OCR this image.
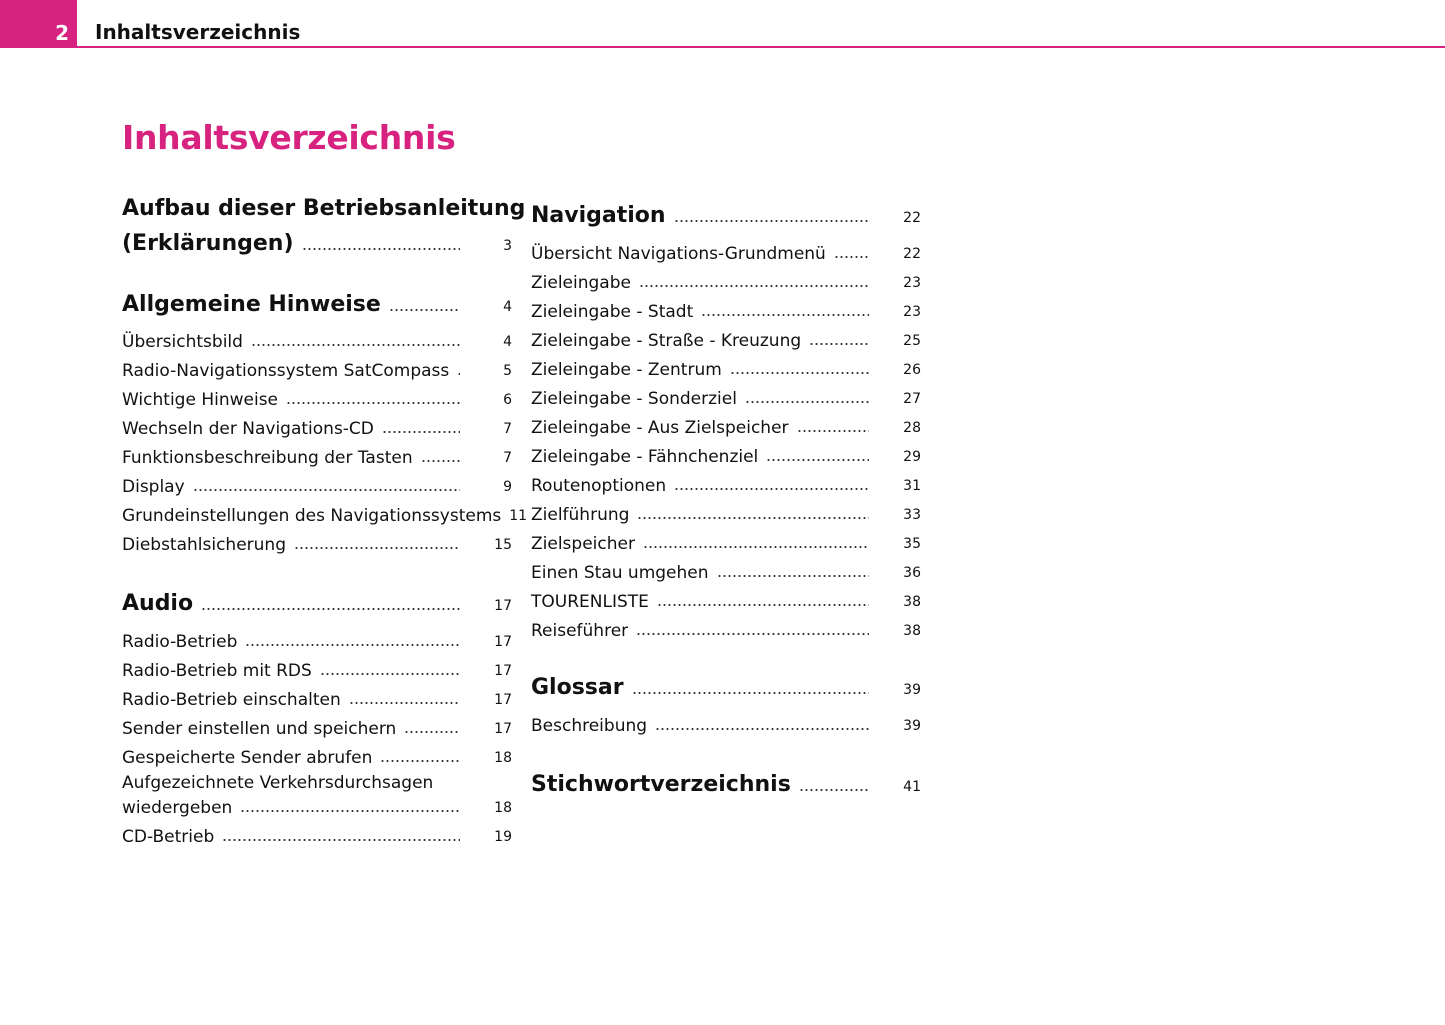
2	Inhaltsverzeichnis
Inhaltsverzeichnis
Aufbau dieser Betriebsanleitung
(Erklärungen)	3
Allgemeine Hinweise	4
Übersichtsbild	4
Radio-Navigationssystem SatCompass	5
Wichtige Hinweise	6
Wechseln der Navigations-CD	7
Funktionsbeschreibung der Tasten	7
Display	9
Grundeinstellungen des Navigationssystems 11
Diebstahlsicherung	15
Audio	17
Radio-Betrieb	17
Radio-Betrieb mit RDS	17
Radio-Betrieb einschalten	17
Sender einstellen und speichern	17
Gespeicherte Sender abrufen	18
Aufgezeichnete Verkehrsdurchsagen
wiedergeben	18
CD-Betrieb	19
Navigation	22
Übersicht Navigations-Grundmenü	22
Zieleingabe	23
Zieleingabe - Stadt	23
Zieleingabe - Straße - Kreuzung	25
Zieleingabe - Zentrum	26
Zieleingabe - Sonderziel	27
Zieleingabe - Aus Zielspeicher	28
Zieleingabe - Fähnchenziel	29
Routenoptionen	31
Zielführung	33
Zielspeicher	35
Einen Stau umgehen	36
TOURENLISTE	38
Reiseführer	38
Glossar	39
Beschreibung	39
Stichwortverzeichnis	41
